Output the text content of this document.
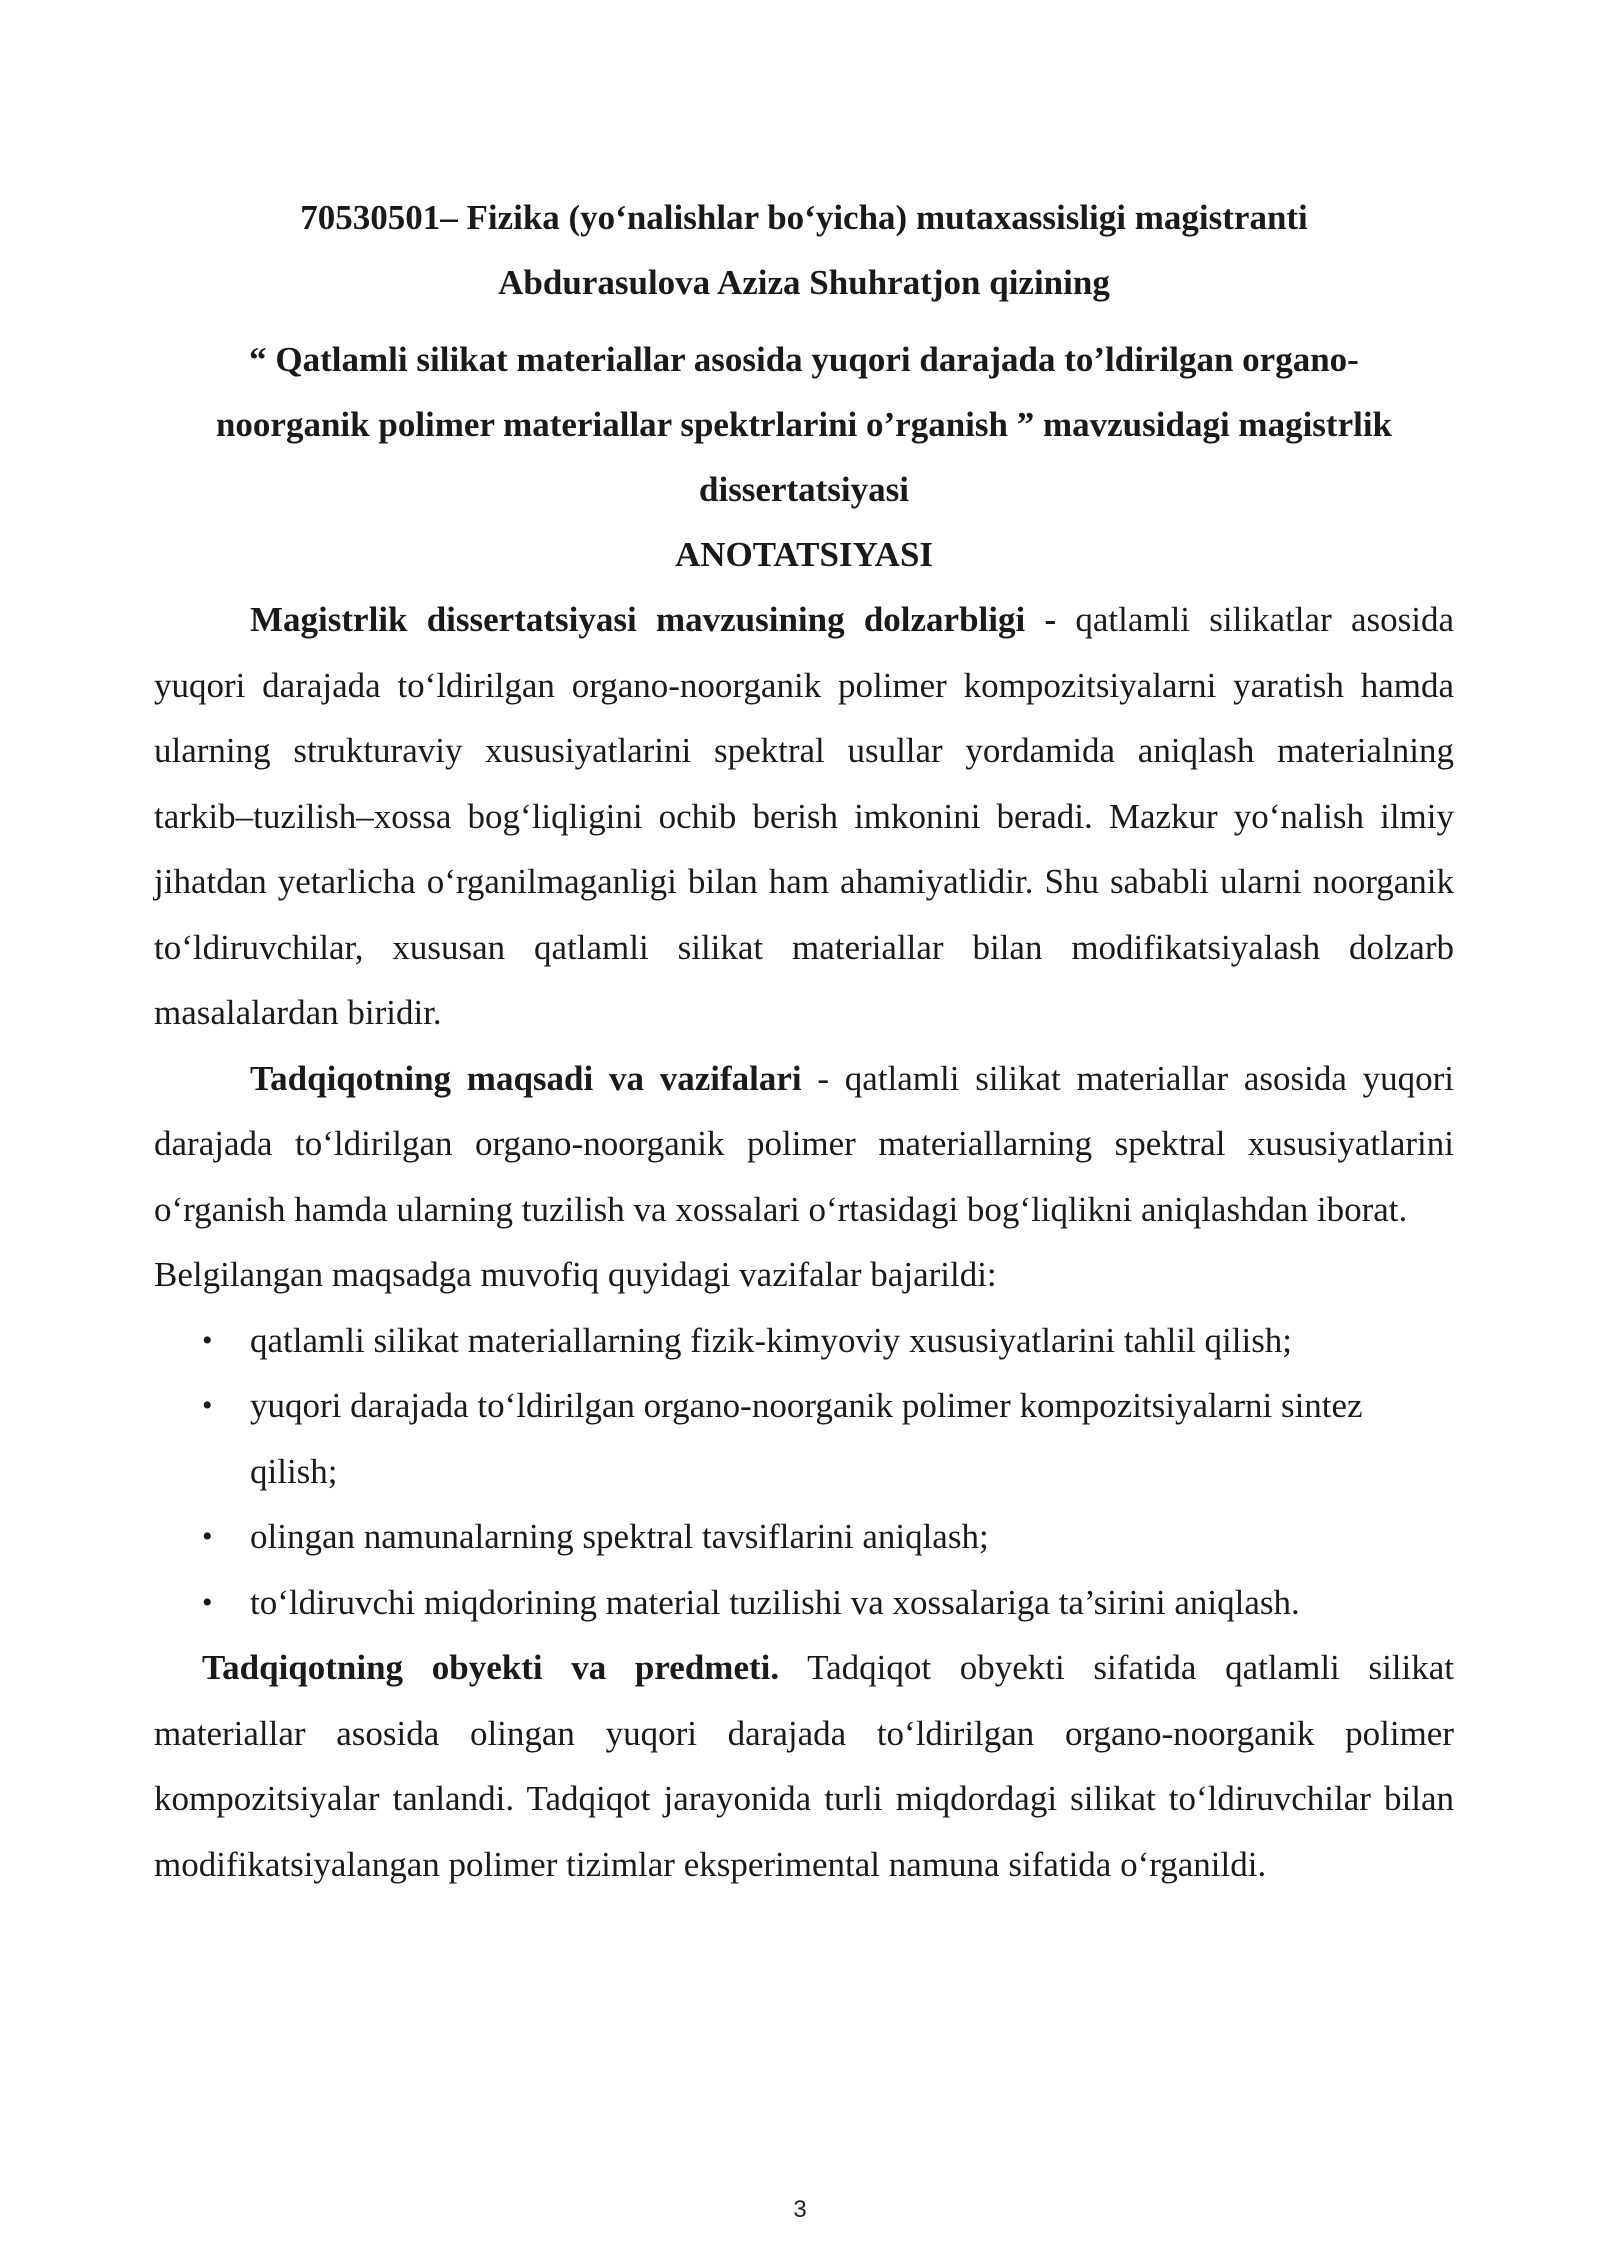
70530501– Fizika (yo‘nalishlar bo‘yicha) mutaxassisligi magistranti

Abdurasulova Aziza Shuhratjon qizining

“ Qatlamli silikat materiallar asosida yuqori darajada to’ldirilgan organo-

noorganik polimer materiallar spektrlarini o’rganish ” mavzusidagi magistrlik

dissertatsiyasi

ANOTATSIYASI

Magistrlik dissertatsiyasi mavzusining dolzarbligi - qatlamli silikatlar asosida yuqori darajada to‘ldirilgan organo-noorganik polimer kompozitsiyalarni yaratish hamda ularning strukturaviy xususiyatlarini spektral usullar yordamida aniqlash materialning tarkib–tuzilish–xossa bog‘liqligini ochib berish imkonini beradi. Mazkur yo‘nalish ilmiy jihatdan yetarlicha o‘rganilmaganligi bilan ham ahamiyatlidir. Shu sababli ularni noorganik to‘ldiruvchilar, xususan qatlamli silikat materiallar bilan modifikatsiyalash dolzarb masalalardan biridir.

Tadqiqotning maqsadi va vazifalari - qatlamli silikat materiallar asosida yuqori darajada to‘ldirilgan organo-noorganik polimer materiallarning spektral xususiyatlarini o‘rganish hamda ularning tuzilish va xossalari o‘rtasidagi bog‘liqlikni aniqlashdan iborat.

Belgilangan maqsadga muvofiq quyidagi vazifalar bajarildi:

• qatlamli silikat materiallarning fizik-kimyoviy xususiyatlarini tahlil qilish;
• yuqori darajada to‘ldirilgan organo-noorganik polimer kompozitsiyalarni sintez qilish;
• olingan namunalarning spektral tavsiflarini aniqlash;
• to‘ldiruvchi miqdorining material tuzilishi va xossalariga ta’sirini aniqlash.

Tadqiqotning obyekti va predmeti. Tadqiqot obyekti sifatida qatlamli silikat materiallar asosida olingan yuqori darajada to‘ldirilgan organo-noorganik polimer kompozitsiyalar tanlandi. Tadqiqot jarayonida turli miqdordagi silikat to‘ldiruvchilar bilan modifikatsiyalangan polimer tizimlar eksperimental namuna sifatida o‘rganildi.

3
